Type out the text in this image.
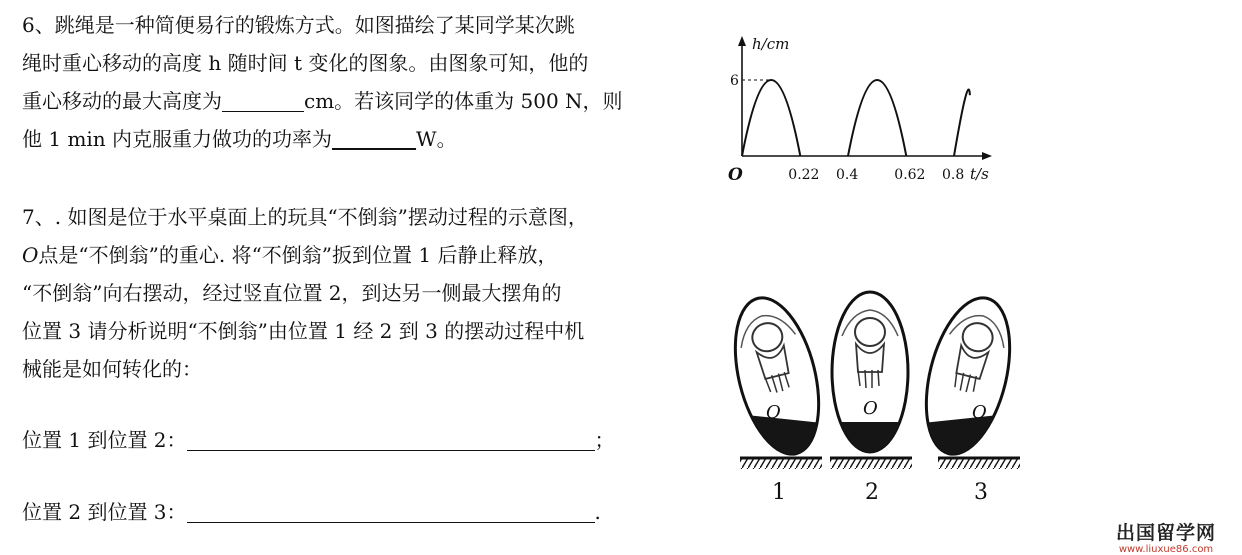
6、跳绳是一种简便易行的锻炼方式。如图描绘了某同学某次跳

绳时重心移动的高度 h 随时间 t 变化的图象。由图象可知，他的

重心移动的最大高度为	cm。若该同学的体重为 500 N，则

他 1 min 内克服重力做功的功率为	W。

7、. 如图是位于水平桌面上的玩具“不倒翁”摆动过程的示意图，

O点是“不倒翁”的重心. 将“不倒翁”扳到位置 1 后静止释放，

“不倒翁”向右摆动，经过竖直位置 2，到达另一侧最大摆角的

位置 3 请分析说明“不倒翁”由位置 1 经 2 到 3 的摆动过程中机

械能是如何转化的：

位置 1 到位置 2：	；
位置 2 到位置 3：	.
h/cm
t/s
O
6
0.22 0.4	0.62 0.8
O	O	O
1	2	3
出国留学网
www.liuxue86.com
